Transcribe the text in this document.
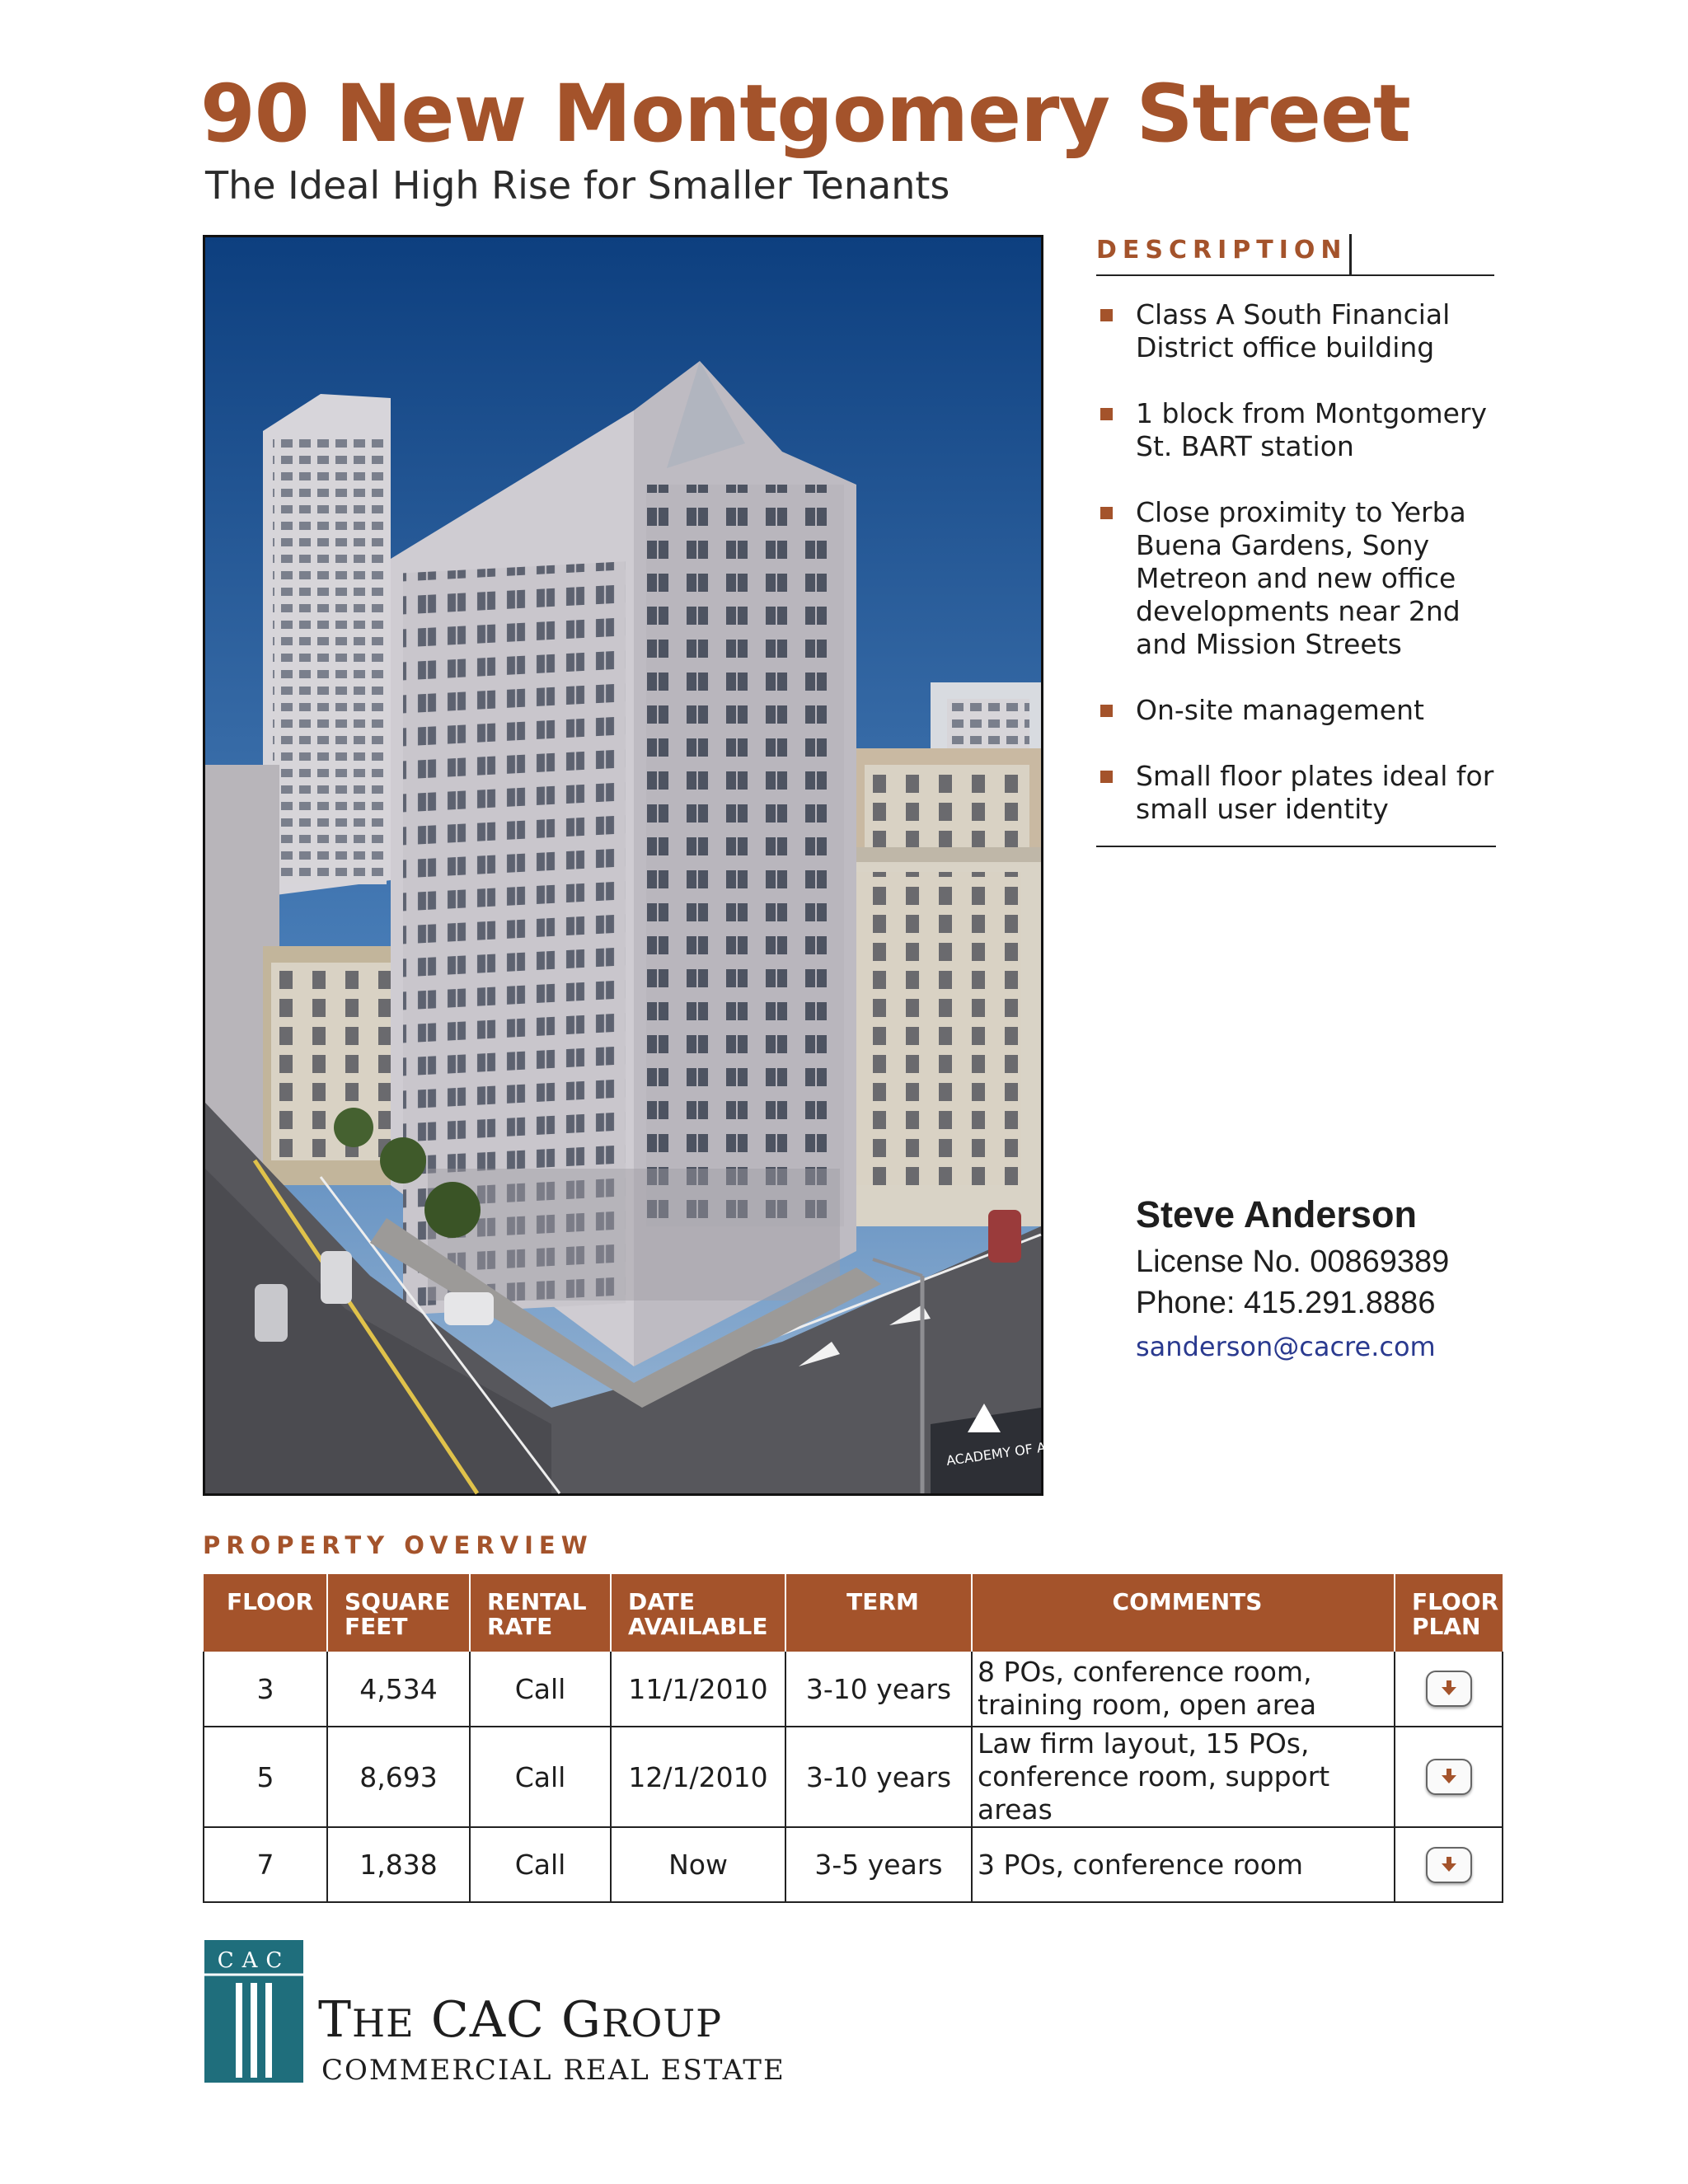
90 New Montgomery Street
The Ideal High Rise for Smaller Tenants
ACADEMY OF ART
DESCRIPTION
Class A South Financial District office building
1 block from Montgomery St. BART station
Close proximity to Yerba Buena Gardens, Sony Metreon and new office developments near 2nd and Mission Streets
On-site management
Small floor plates ideal for small user identity
Steve Anderson
License No. 00869389
Phone: 415.291.8886
sanderson@cacre.com
PROPERTY OVERVIEW
FLOOR	SQUARE FEET	RENTAL RATE	DATE AVAILABLE	TERM	COMMENTS	FLOOR PLAN
3	4,534	Call	11/1/2010	3-10 years	8 POs, conference room, training room, open area	

5	8,693	Call	12/1/2010	3-10 years	Law firm layout, 15 POs, conference room, support areas	

7	1,838	Call	Now	3-5 years	3 POs, conference room	
CAC
THE CAC GROUP
COMMERCIAL REAL ESTATE
